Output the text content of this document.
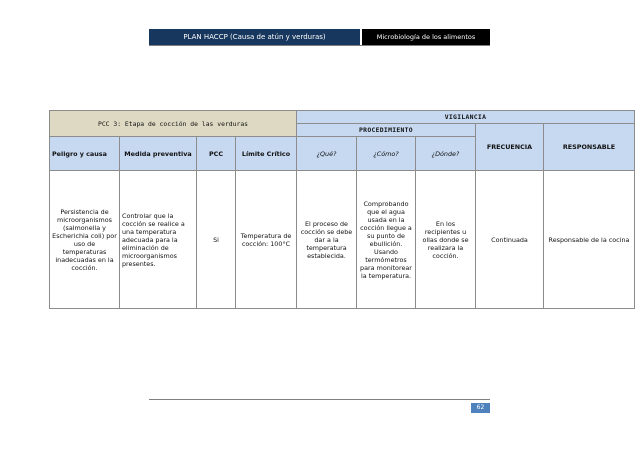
PLAN HACCP (Causa de atún y verduras)	Microbiología de los alimentos
PCC 3: Etapa de cocción de las verduras				VIGILANCIA				
				PROCEDIMIENTO			FRECUENCIA	RESPONSABLE
Peligro y causa	Medida preventiva	PCC	Límite Crítico	¿Qué?	¿Cómo?	¿Dónde?		
Persistencia de microorganismos (salmonella y Escherichia coli) por uso de temperaturas inadecuadas en la cocción.	Controlar que la cocción se realice a una temperatura adecuada para la eliminación de microorganismos presentes.	Si	Temperatura de cocción: 100°C	El proceso de cocción se debe dar a la temperatura establecida.	Comprobando que el agua usada en la cocción llegue a su punto de ebullición. Usando termómetros para monitorear la temperatura.	En los recipientes u ollas donde se realizara la cocción.	Continuada	Responsable de la cocina
62
